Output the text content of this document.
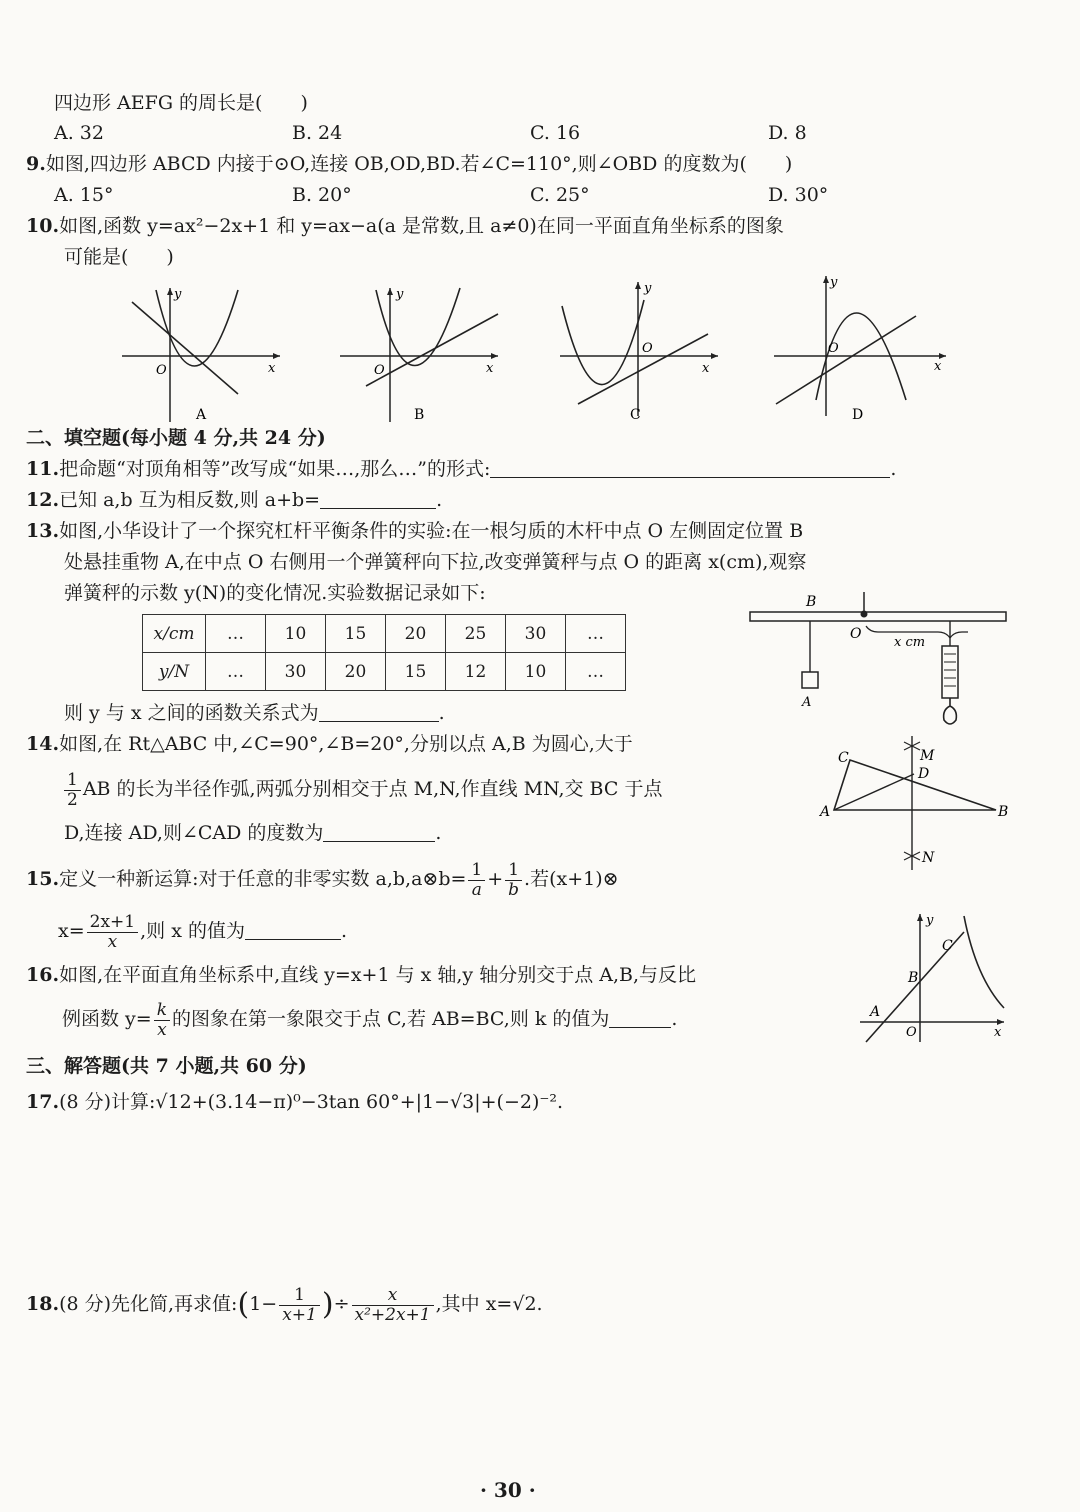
四边形 AEFG 的周长是(　　)
A. 32	B. 24	C. 16	D. 8
9.如图,四边形 ABCD 内接于⊙O,连接 OB,OD,BD.若∠C=110°,则∠OBD 的度数为(　　)
A. 15°	B. 20°	C. 25°	D. 30°
10.如图,函数 y=ax²−2x+1 和 y=ax−a(a 是常数,且 a≠0)在同一平面直角坐标系的图象
可能是(　　)
y
x
O
A
y
x
O
B
y
x
O
C
y
x
O
D
二、填空题(每小题 4 分,共 24 分)
11.把命题“对顶角相等”改写成“如果…,那么…”的形式:	.
12.已知 a,b 互为相反数,则 a+b=	.
13.如图,小华设计了一个探究杠杆平衡条件的实验:在一根匀质的木杆中点 O 左侧固定位置 B
处悬挂重物 A,在中点 O 右侧用一个弹簧秤向下拉,改变弹簧秤与点 O 的距离 x(cm),观察
弹簧秤的示数 y(N)的变化情况.实验数据记录如下:
x/cm	…	10	15	20	25	30	…
y/N	…	30	20	15	12	10	…
B
O
x cm
A
则 y 与 x 之间的函数关系式为	.
14.如图,在 Rt△ABC 中,∠C=90°,∠B=20°,分别以点 A,B 为圆心,大于
$\frac{1}{2}$ AB 的长为半径作弧,两弧分别相交于点 M,N,作直线 MN,交 BC 于点
D,连接 AD,则∠CAD 的度数为	.
C	M
D
A	B
N
15.定义一种新运算:对于任意的非零实数 a,b,a⊗b= $\frac{1}{a} + \frac{1}{b}$ .若(x+1)⊗
$x= \frac{2x+1}{x}$ ,则 x 的值为	.
16.如图,在平面直角坐标系中,直线 y=x+1 与 x 轴,y 轴分别交于点 A,B,与反比
例函数 $y= \frac{k}{x}$ 的图象在第一象限交于点 C,若 AB=BC,则 k 的值为	.
y
C
B
A
O	x
三、解答题(共 7 小题,共 60 分)
17.(8 分)计算:√12+(3.14−π)⁰−3tan 60°+|1−√3|+(−2)⁻².
18.(8 分)先化简,再求值:(1− $\frac{1}{x+1}$ )÷ $\frac{x}{\text{x²+2x+1}}$ ,其中 x=√2.
· 30 ·
